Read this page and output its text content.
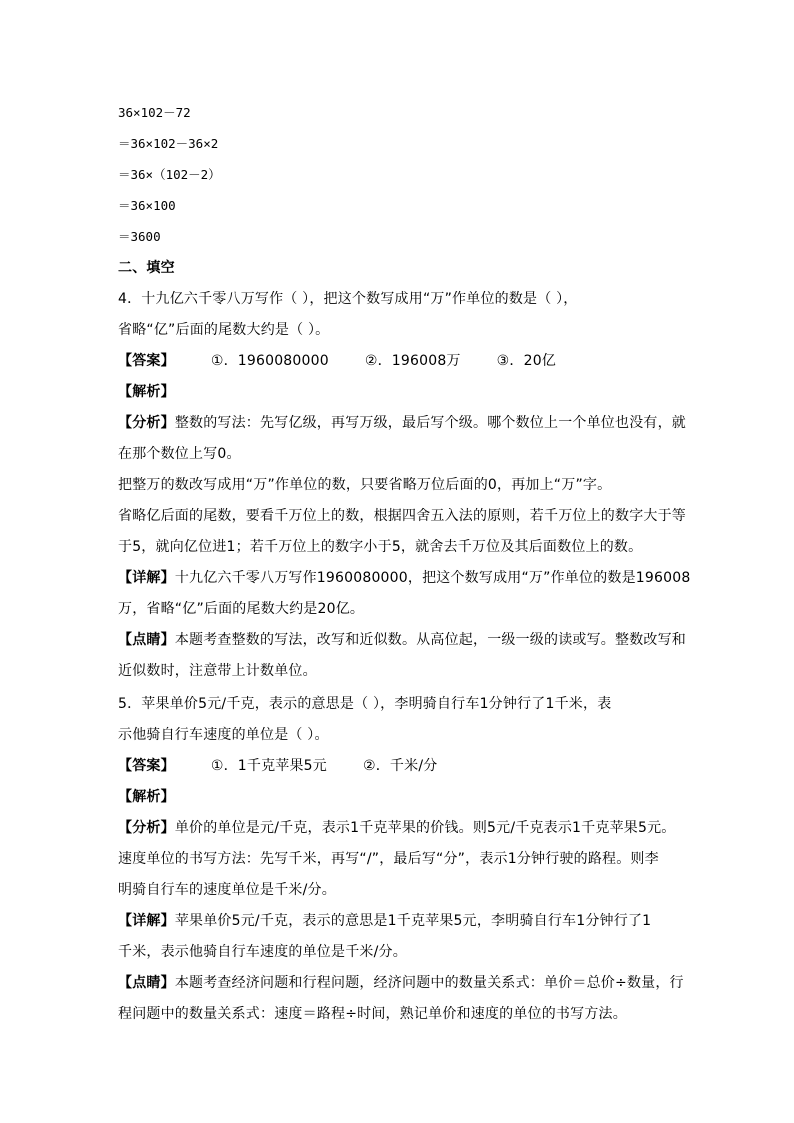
36×102－72
＝36×102－36×2
＝36×（102－2）
＝36×100
＝3600
二、填空
4．十九亿六千零八万写作（ ），把这个数写成用“万”作单位的数是（ ），
省略“亿”后面的尾数大约是（ ）。
【答案】	①．1960080000	②．196008万	③．20亿
【解析】
【分析】整数的写法：先写亿级，再写万级，最后写个级。哪个数位上一个单位也没有，就
在那个数位上写0。
把整万的数改写成用“万”作单位的数，只要省略万位后面的0，再加上“万”字。
省略亿后面的尾数，要看千万位上的数，根据四舍五入法的原则，若千万位上的数字大于等
于5，就向亿位进1；若千万位上的数字小于5，就舍去千万位及其后面数位上的数。
【详解】十九亿六千零八万写作1960080000，把这个数写成用“万”作单位的数是196008
万，省略“亿”后面的尾数大约是20亿。
【点睛】本题考查整数的写法，改写和近似数。从高位起，一级一级的读或写。整数改写和
近似数时，注意带上计数单位。
5．苹果单价5元/千克，表示的意思是（ ），李明骑自行车1分钟行了1千米，表
示他骑自行车速度的单位是（ ）。
【答案】	①．1千克苹果5元	②．千米/分
【解析】
【分析】单价的单位是元/千克，表示1千克苹果的价钱。则5元/千克表示1千克苹果5元。
速度单位的书写方法：先写千米，再写“/”，最后写“分”，表示1分钟行驶的路程。则李
明骑自行车的速度单位是千米/分。
【详解】苹果单价5元/千克，表示的意思是1千克苹果5元，李明骑自行车1分钟行了1
千米，表示他骑自行车速度的单位是千米/分。
【点睛】本题考查经济问题和行程问题，经济问题中的数量关系式：单价＝总价÷数量，行
程问题中的数量关系式：速度＝路程÷时间，熟记单价和速度的单位的书写方法。
